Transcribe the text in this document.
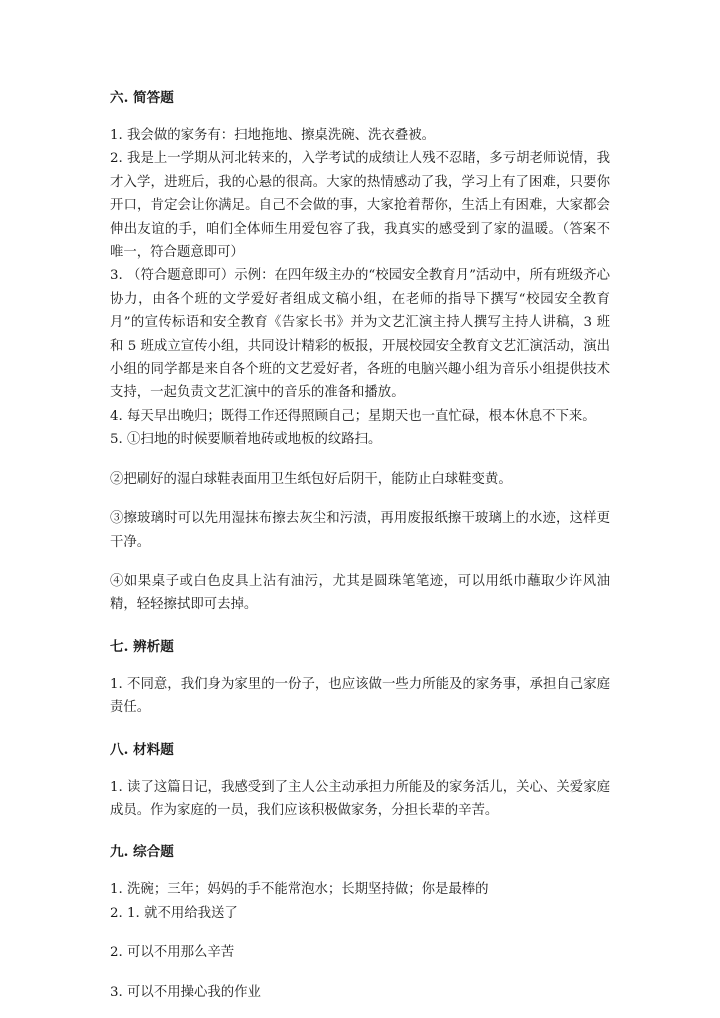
六. 简答题

1. 我会做的家务有：扫地拖地、擦桌洗碗、洗衣叠被。

2. 我是上一学期从河北转来的，入学考试的成绩让人残不忍睹，多亏胡老师说情，我才入学，进班后，我的心悬的很高。大家的热情感动了我，学习上有了困难，只要你开口，肯定会让你满足。自己不会做的事，大家抢着帮你，生活上有困难，大家都会伸出友谊的手，咱们全体师生用爱包容了我，我真实的感受到了家的温暖。（答案不唯一，符合题意即可）

3. （符合题意即可）示例：在四年级主办的“校园安全教育月”活动中，所有班级齐心协力，由各个班的文学爱好者组成文稿小组，在老师的指导下撰写“校园安全教育月”的宣传标语和安全教育《告家长书》并为文艺汇演主持人撰写主持人讲稿，3 班和 5 班成立宣传小组，共同设计精彩的板报，开展校园安全教育文艺汇演活动，演出小组的同学都是来自各个班的文艺爱好者，各班的电脑兴趣小组为音乐小组提供技术支持，一起负责文艺汇演中的音乐的准备和播放。

4. 每天早出晚归；既得工作还得照顾自己；星期天也一直忙碌，根本休息不下来。

5. ①扫地的时候要顺着地砖或地板的纹路扫。

②把刷好的湿白球鞋表面用卫生纸包好后阴干，能防止白球鞋变黄。

③擦玻璃时可以先用湿抹布擦去灰尘和污渍，再用废报纸擦干玻璃上的水迹，这样更干净。

④如果桌子或白色皮具上沾有油污，尤其是圆珠笔笔迹，可以用纸巾蘸取少许风油精，轻轻擦拭即可去掉。

七. 辨析题

1. 不同意，我们身为家里的一份子，也应该做一些力所能及的家务事，承担自己家庭责任。

八. 材料题

1. 读了这篇日记，我感受到了主人公主动承担力所能及的家务活儿，关心、关爱家庭成员。作为家庭的一员，我们应该积极做家务，分担长辈的辛苦。

九. 综合题

1. 洗碗；三年；妈妈的手不能常泡水；长期坚持做；你是最棒的

2. 1. 就不用给我送了

2. 可以不用那么辛苦

3. 可以不用操心我的作业
